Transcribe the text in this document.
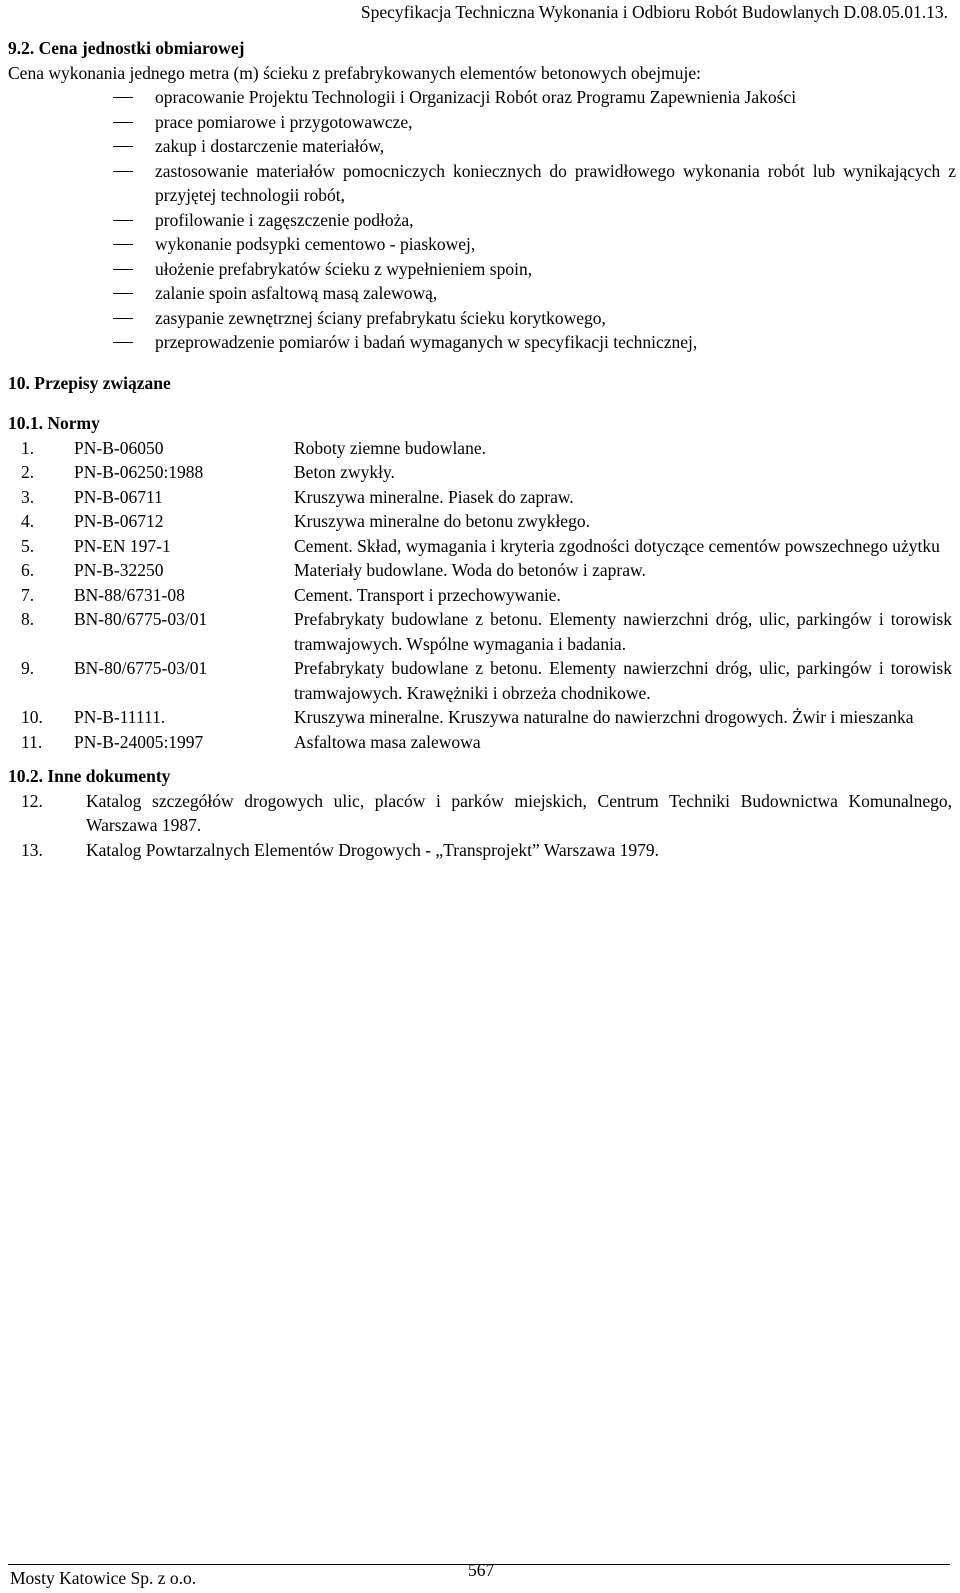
Specyfikacja Techniczna Wykonania i Odbioru Robót Budowlanych D.08.05.01.13.
9.2. Cena jednostki obmiarowej
Cena wykonania jednego metra (m) ścieku z prefabrykowanych elementów betonowych obejmuje:
opracowanie Projektu Technologii i Organizacji Robót oraz Programu Zapewnienia Jakości
prace pomiarowe i przygotowawcze,
zakup i dostarczenie materiałów,
zastosowanie materiałów pomocniczych koniecznych do prawidłowego wykonania robót lub wynikających z przyjętej technologii robót,
profilowanie i zagęszczenie podłoża,
wykonanie podsypki cementowo - piaskowej,
ułożenie prefabrykatów ścieku z wypełnieniem spoin,
zalanie spoin asfaltową masą zalewową,
zasypanie zewnętrznej ściany prefabrykatu ścieku korytkowego,
przeprowadzenie pomiarów i badań wymaganych w specyfikacji technicznej,
10. Przepisy związane
10.1. Normy
1.	PN-B-06050	Roboty ziemne budowlane.
2.	PN-B-06250:1988	Beton zwykły.
3.	PN-B-06711	Kruszywa mineralne. Piasek do zapraw.
4.	PN-B-06712	Kruszywa mineralne do betonu zwykłego.
5.	PN-EN 197-1	Cement. Skład, wymagania i kryteria zgodności dotyczące cementów powszechnego użytku
6.	PN-B-32250	Materiały budowlane. Woda do betonów i zapraw.
7.	BN-88/6731-08	Cement. Transport i przechowywanie.
8.	BN-80/6775-03/01	Prefabrykaty budowlane z betonu. Elementy nawierzchni dróg, ulic, parkingów i torowisk tramwajowych. Wspólne wymagania i badania.
9.	BN-80/6775-03/01	Prefabrykaty budowlane z betonu. Elementy nawierzchni dróg, ulic, parkingów i torowisk tramwajowych. Krawężniki i obrzeża chodnikowe.
10.	PN-B-11111.	Kruszywa mineralne. Kruszywa naturalne do nawierzchni drogowych. Żwir i mieszanka
11.	PN-B-24005:1997	Asfaltowa masa zalewowa
10.2. Inne dokumenty
12.	Katalog szczegółów drogowych ulic, placów i parków miejskich, Centrum Techniki Budownictwa Komunalnego, Warszawa 1987.
13.	Katalog Powtarzalnych Elementów Drogowych - „Transprojekt” Warszawa 1979.
Mosty Katowice Sp. z o.o.	567
